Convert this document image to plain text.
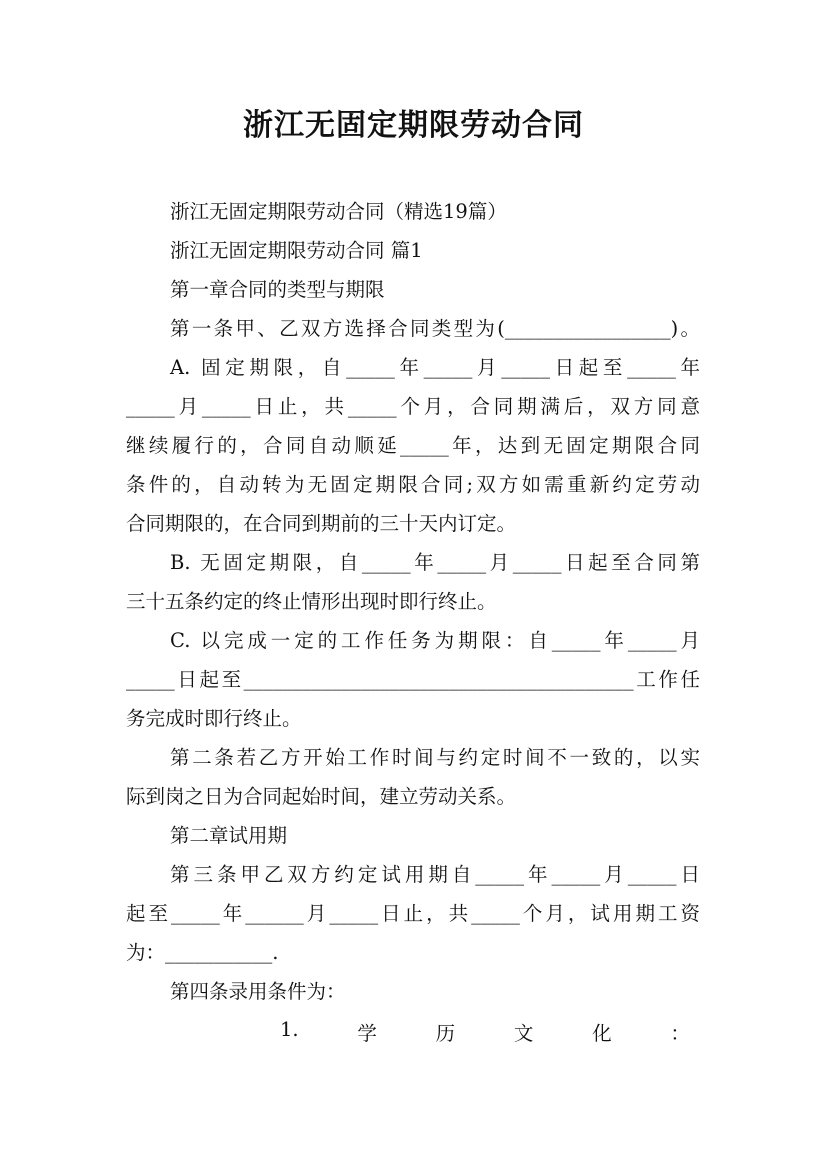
浙江无固定期限劳动合同
浙江无固定期限劳动合同（精选19篇）
浙江无固定期限劳动合同 篇1
第一章合同的类型与期限
第一条甲、乙双方选择合同类型为(_________________)。
A. 固定期限，自_____年_____月_____日起至_____年
_____月_____日止，共_____个月，合同期满后，双方同意
继续履行的，合同自动顺延_____年，达到无固定期限合同
条件的，自动转为无固定期限合同;双方如需重新约定劳动
合同期限的，在合同到期前的三十天内订定。
B. 无固定期限，自_____年_____月_____日起至合同第
三十五条约定的终止情形出现时即行终止。
C. 以完成一定的工作任务为期限：自_____年_____月
_____日起至________________________________________工作任
务完成时即行终止。
第二条若乙方开始工作时间与约定时间不一致的，以实
际到岗之日为合同起始时间，建立劳动关系。
第二章试用期
第三条甲乙双方约定试用期自_____年_____月_____日
起至_____年______月_____日止，共_____个月，试用期工资
为：___________.
第四条录用条件为：
1.	学	历	文	化	：
